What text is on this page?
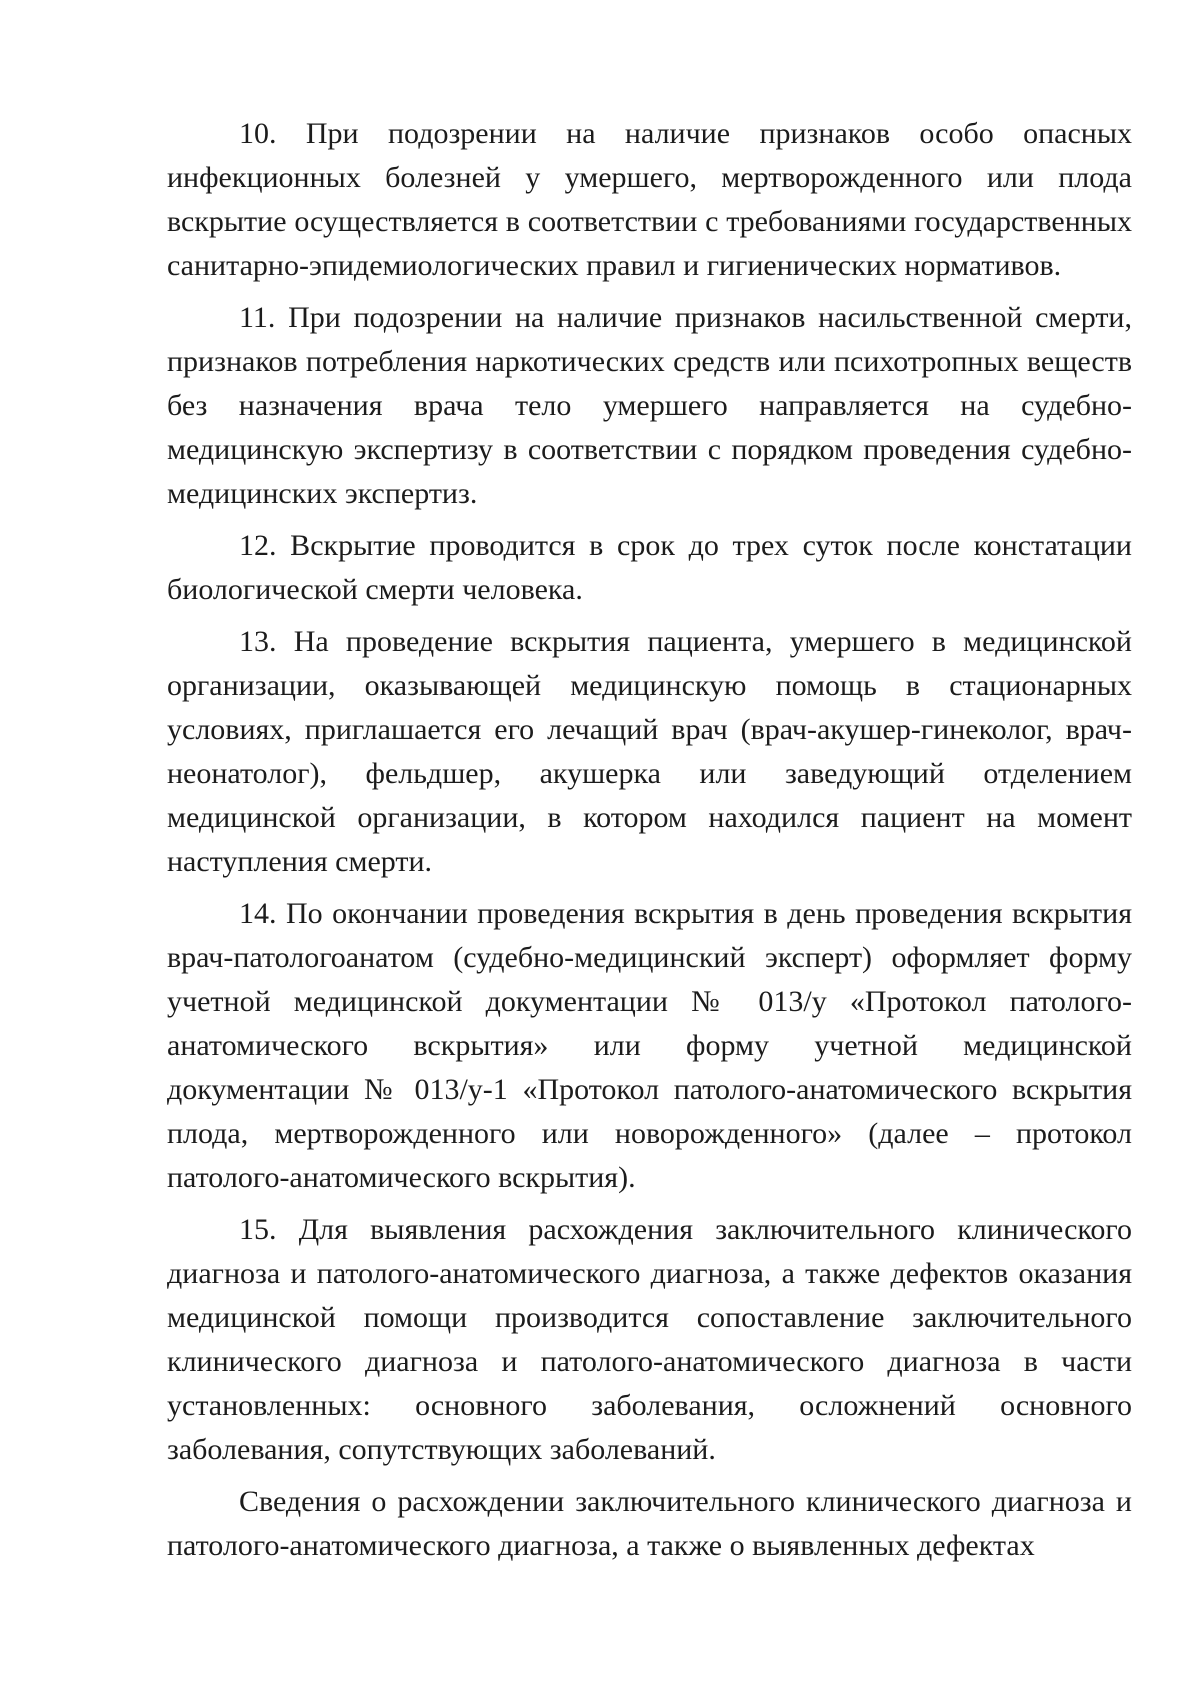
10. При подозрении на наличие признаков особо опасных инфекционных болезней у умершего, мертворожденного или плода вскрытие осуществляется в соответствии с требованиями государственных санитарно-эпидемиологических правил и гигиенических нормативов.

11. При подозрении на наличие признаков насильственной смерти, признаков потребления наркотических средств или психотропных веществ без назначения врача тело умершего направляется на судебно-медицинскую экспертизу в соответствии с порядком проведения судебно-медицинских экспертиз.

12. Вскрытие проводится в срок до трех суток после констатации биологической смерти человека.

13. На проведение вскрытия пациента, умершего в медицинской организации, оказывающей медицинскую помощь в стационарных условиях, приглашается его лечащий врач (врач-акушер-гинеколог, врач-неонатолог), фельдшер, акушерка или заведующий отделением медицинской организации, в котором находился пациент на момент наступления смерти.

14. По окончании проведения вскрытия в день проведения вскрытия врач-патологоанатом (судебно-медицинский эксперт) оформляет форму учетной медицинской документации № 013/у «Протокол патолого-анатомического вскрытия» или форму учетной медицинской документации № 013/у-1 «Протокол патолого-анатомического вскрытия плода, мертворожденного или новорожденного» (далее – протокол патолого-анатомического вскрытия).

15. Для выявления расхождения заключительного клинического диагноза и патолого-анатомического диагноза, а также дефектов оказания медицинской помощи производится сопоставление заключительного клинического диагноза и патолого-анатомического диагноза в части установленных: основного заболевания, осложнений основного заболевания, сопутствующих заболеваний.

Сведения о расхождении заключительного клинического диагноза и патолого-анатомического диагноза, а также о выявленных дефектах
